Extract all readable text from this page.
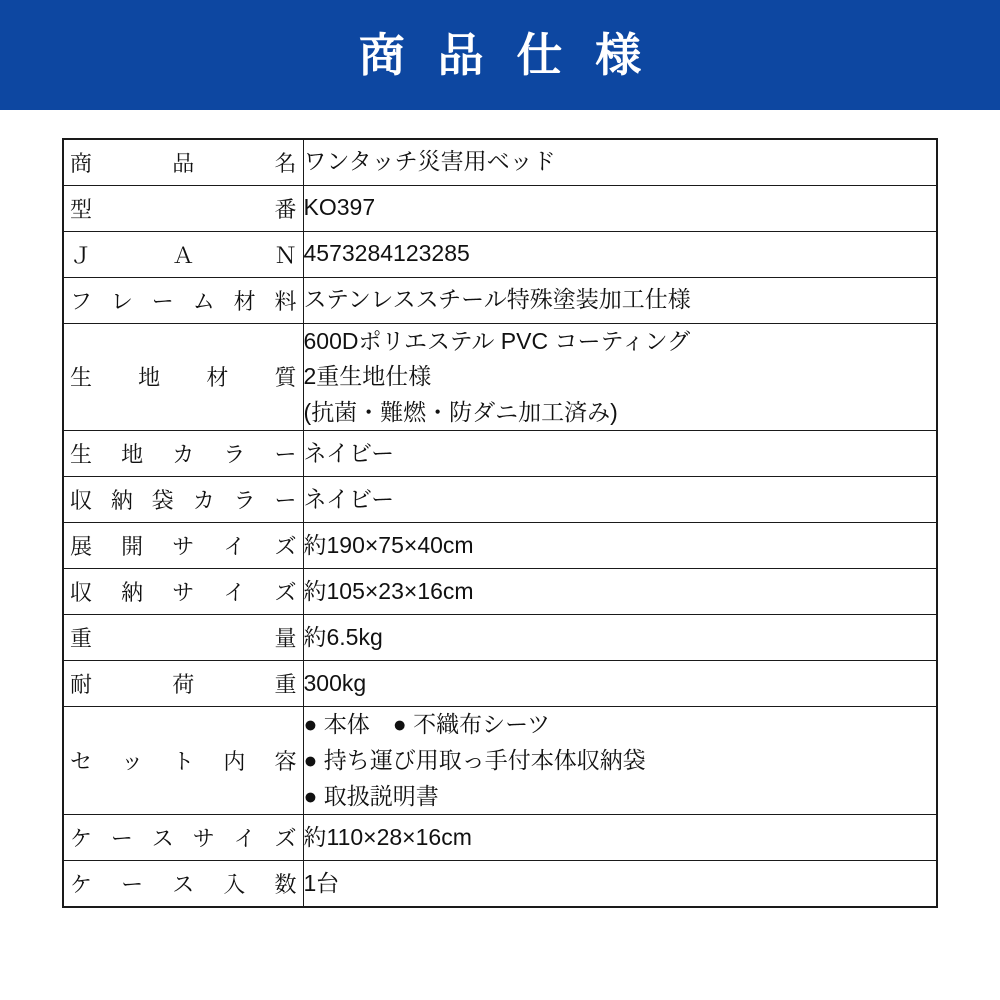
商 品 仕 様
商　　品　　名	ワンタッチ災害用ベッド

型　　　　　番	KO397

Ｊ　　Ａ　　Ｎ	4573284123285

フ レ ー ム 材 料	ステンレススチール特殊塗装加工仕様

生　地　材　質	600Dポリエステル PVC コーティング
2重生地仕様
(抗菌・難燃・防ダニ加工済み)

生 地 カ ラ ー	ネイビー

収 納 袋 カ ラ ー	ネイビー

展 開 サ イ ズ	約190×75×40cm

収 納 サ イ ズ	約105×23×16cm

重　　　　　量	約6.5kg

耐　　荷　　重	300kg

セ ッ ト 内 容	● 本体　● 不織布シーツ
● 持ち運び用取っ手付本体収納袋
● 取扱説明書

ケ ー ス サ イ ズ	約110×28×16cm

ケ ー ス 入 数	1台
